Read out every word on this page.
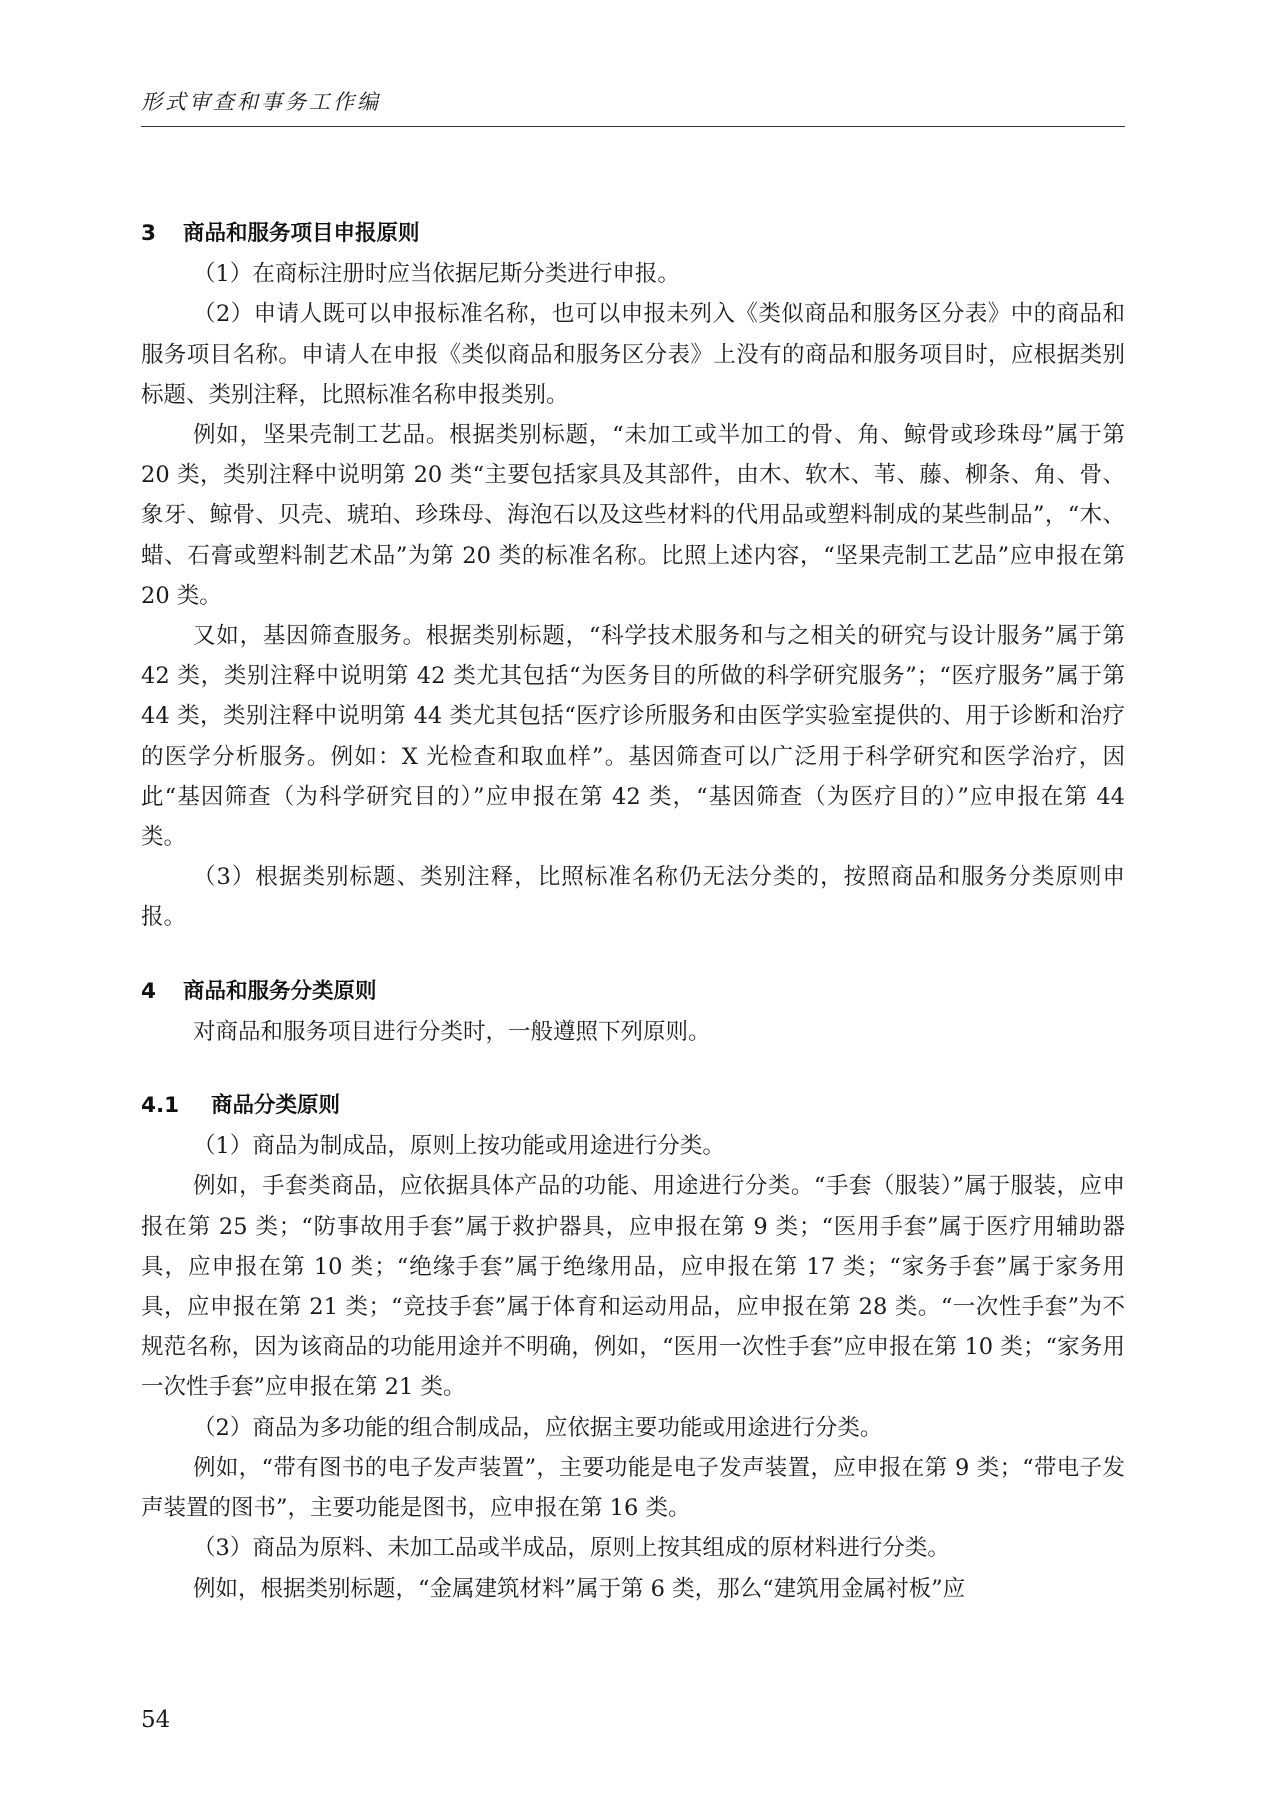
形式审查和事务工作编
3 商品和服务项目申报原则

（1）在商标注册时应当依据尼斯分类进行申报。

（2）申请人既可以申报标准名称，也可以申报未列入《类似商品和服务区分表》中的商品和服务项目名称。申请人在申报《类似商品和服务区分表》上没有的商品和服务项目时，应根据类别标题、类别注释，比照标准名称申报类别。

例如，坚果壳制工艺品。根据类别标题，“未加工或半加工的骨、角、鲸骨或珍珠母”属于第 20 类，类别注释中说明第 20 类“主要包括家具及其部件，由木、软木、苇、藤、柳条、角、骨、象牙、鲸骨、贝壳、琥珀、珍珠母、海泡石以及这些材料的代用品或塑料制成的某些制品”，“木、蜡、石膏或塑料制艺术品”为第 20 类的标准名称。比照上述内容，“坚果壳制工艺品”应申报在第 20 类。

又如，基因筛查服务。根据类别标题，“科学技术服务和与之相关的研究与设计服务”属于第 42 类，类别注释中说明第 42 类尤其包括“为医务目的所做的科学研究服务”；“医疗服务”属于第 44 类，类别注释中说明第 44 类尤其包括“医疗诊所服务和由医学实验室提供的、用于诊断和治疗的医学分析服务。例如：X 光检查和取血样”。基因筛查可以广泛用于科学研究和医学治疗，因此“基因筛查（为科学研究目的）”应申报在第 42 类，“基因筛查（为医疗目的）”应申报在第 44 类。

（3）根据类别标题、类别注释，比照标准名称仍无法分类的，按照商品和服务分类原则申报。

4 商品和服务分类原则

对商品和服务项目进行分类时，一般遵照下列原则。

4.1 商品分类原则

（1）商品为制成品，原则上按功能或用途进行分类。

例如，手套类商品，应依据具体产品的功能、用途进行分类。“手套（服装）”属于服装，应申报在第 25 类；“防事故用手套”属于救护器具，应申报在第 9 类；“医用手套”属于医疗用辅助器具，应申报在第 10 类；“绝缘手套”属于绝缘用品，应申报在第 17 类；“家务手套”属于家务用具，应申报在第 21 类；“竞技手套”属于体育和运动用品，应申报在第 28 类。“一次性手套”为不规范名称，因为该商品的功能用途并不明确，例如，“医用一次性手套”应申报在第 10 类；“家务用一次性手套”应申报在第 21 类。

（2）商品为多功能的组合制成品，应依据主要功能或用途进行分类。

例如，“带有图书的电子发声装置”，主要功能是电子发声装置，应申报在第 9 类；“带电子发声装置的图书”，主要功能是图书，应申报在第 16 类。

（3）商品为原料、未加工品或半成品，原则上按其组成的原材料进行分类。

例如，根据类别标题，“金属建筑材料”属于第 6 类，那么“建筑用金属衬板”应

54
